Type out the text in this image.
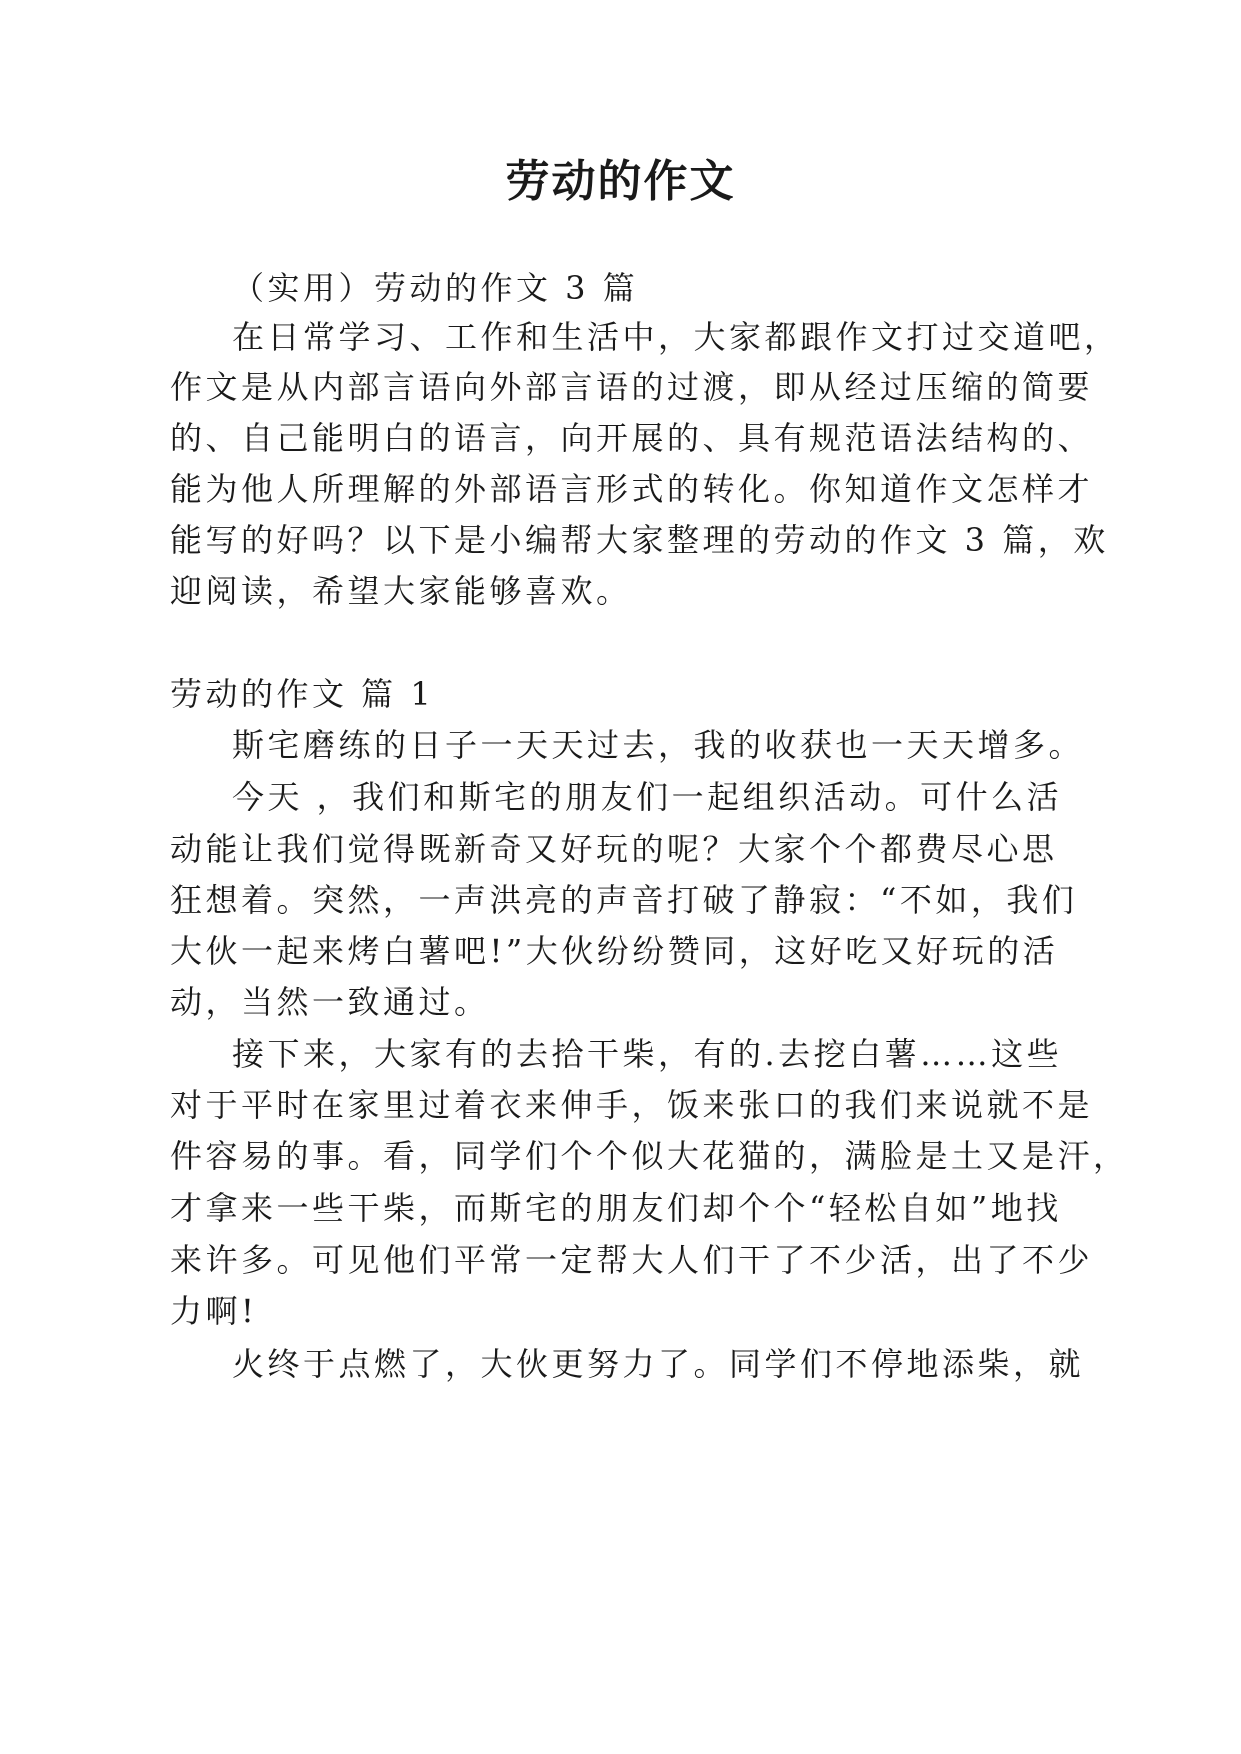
劳动的作文
（实用）劳动的作文 3 篇
在日常学习、工作和生活中，大家都跟作文打过交道吧，
作文是从内部言语向外部言语的过渡，即从经过压缩的简要
的、自己能明白的语言，向开展的、具有规范语法结构的、
能为他人所理解的外部语言形式的转化。你知道作文怎样才
能写的好吗？以下是小编帮大家整理的劳动的作文 3 篇，欢
迎阅读，希望大家能够喜欢。
劳动的作文 篇 1
斯宅磨练的日子一天天过去，我的收获也一天天增多。
今天 ，我们和斯宅的朋友们一起组织活动。可什么活
动能让我们觉得既新奇又好玩的呢？大家个个都费尽心思
狂想着。突然，一声洪亮的声音打破了静寂：“不如，我们
大伙一起来烤白薯吧!”大伙纷纷赞同，这好吃又好玩的活
动，当然一致通过。
接下来，大家有的去拾干柴，有的.去挖白薯……这些
对于平时在家里过着衣来伸手，饭来张口的我们来说就不是
件容易的事。看，同学们个个似大花猫的，满脸是土又是汗，
才拿来一些干柴，而斯宅的朋友们却个个“轻松自如”地找
来许多。可见他们平常一定帮大人们干了不少活，出了不少
力啊!
火终于点燃了，大伙更努力了。同学们不停地添柴，就
